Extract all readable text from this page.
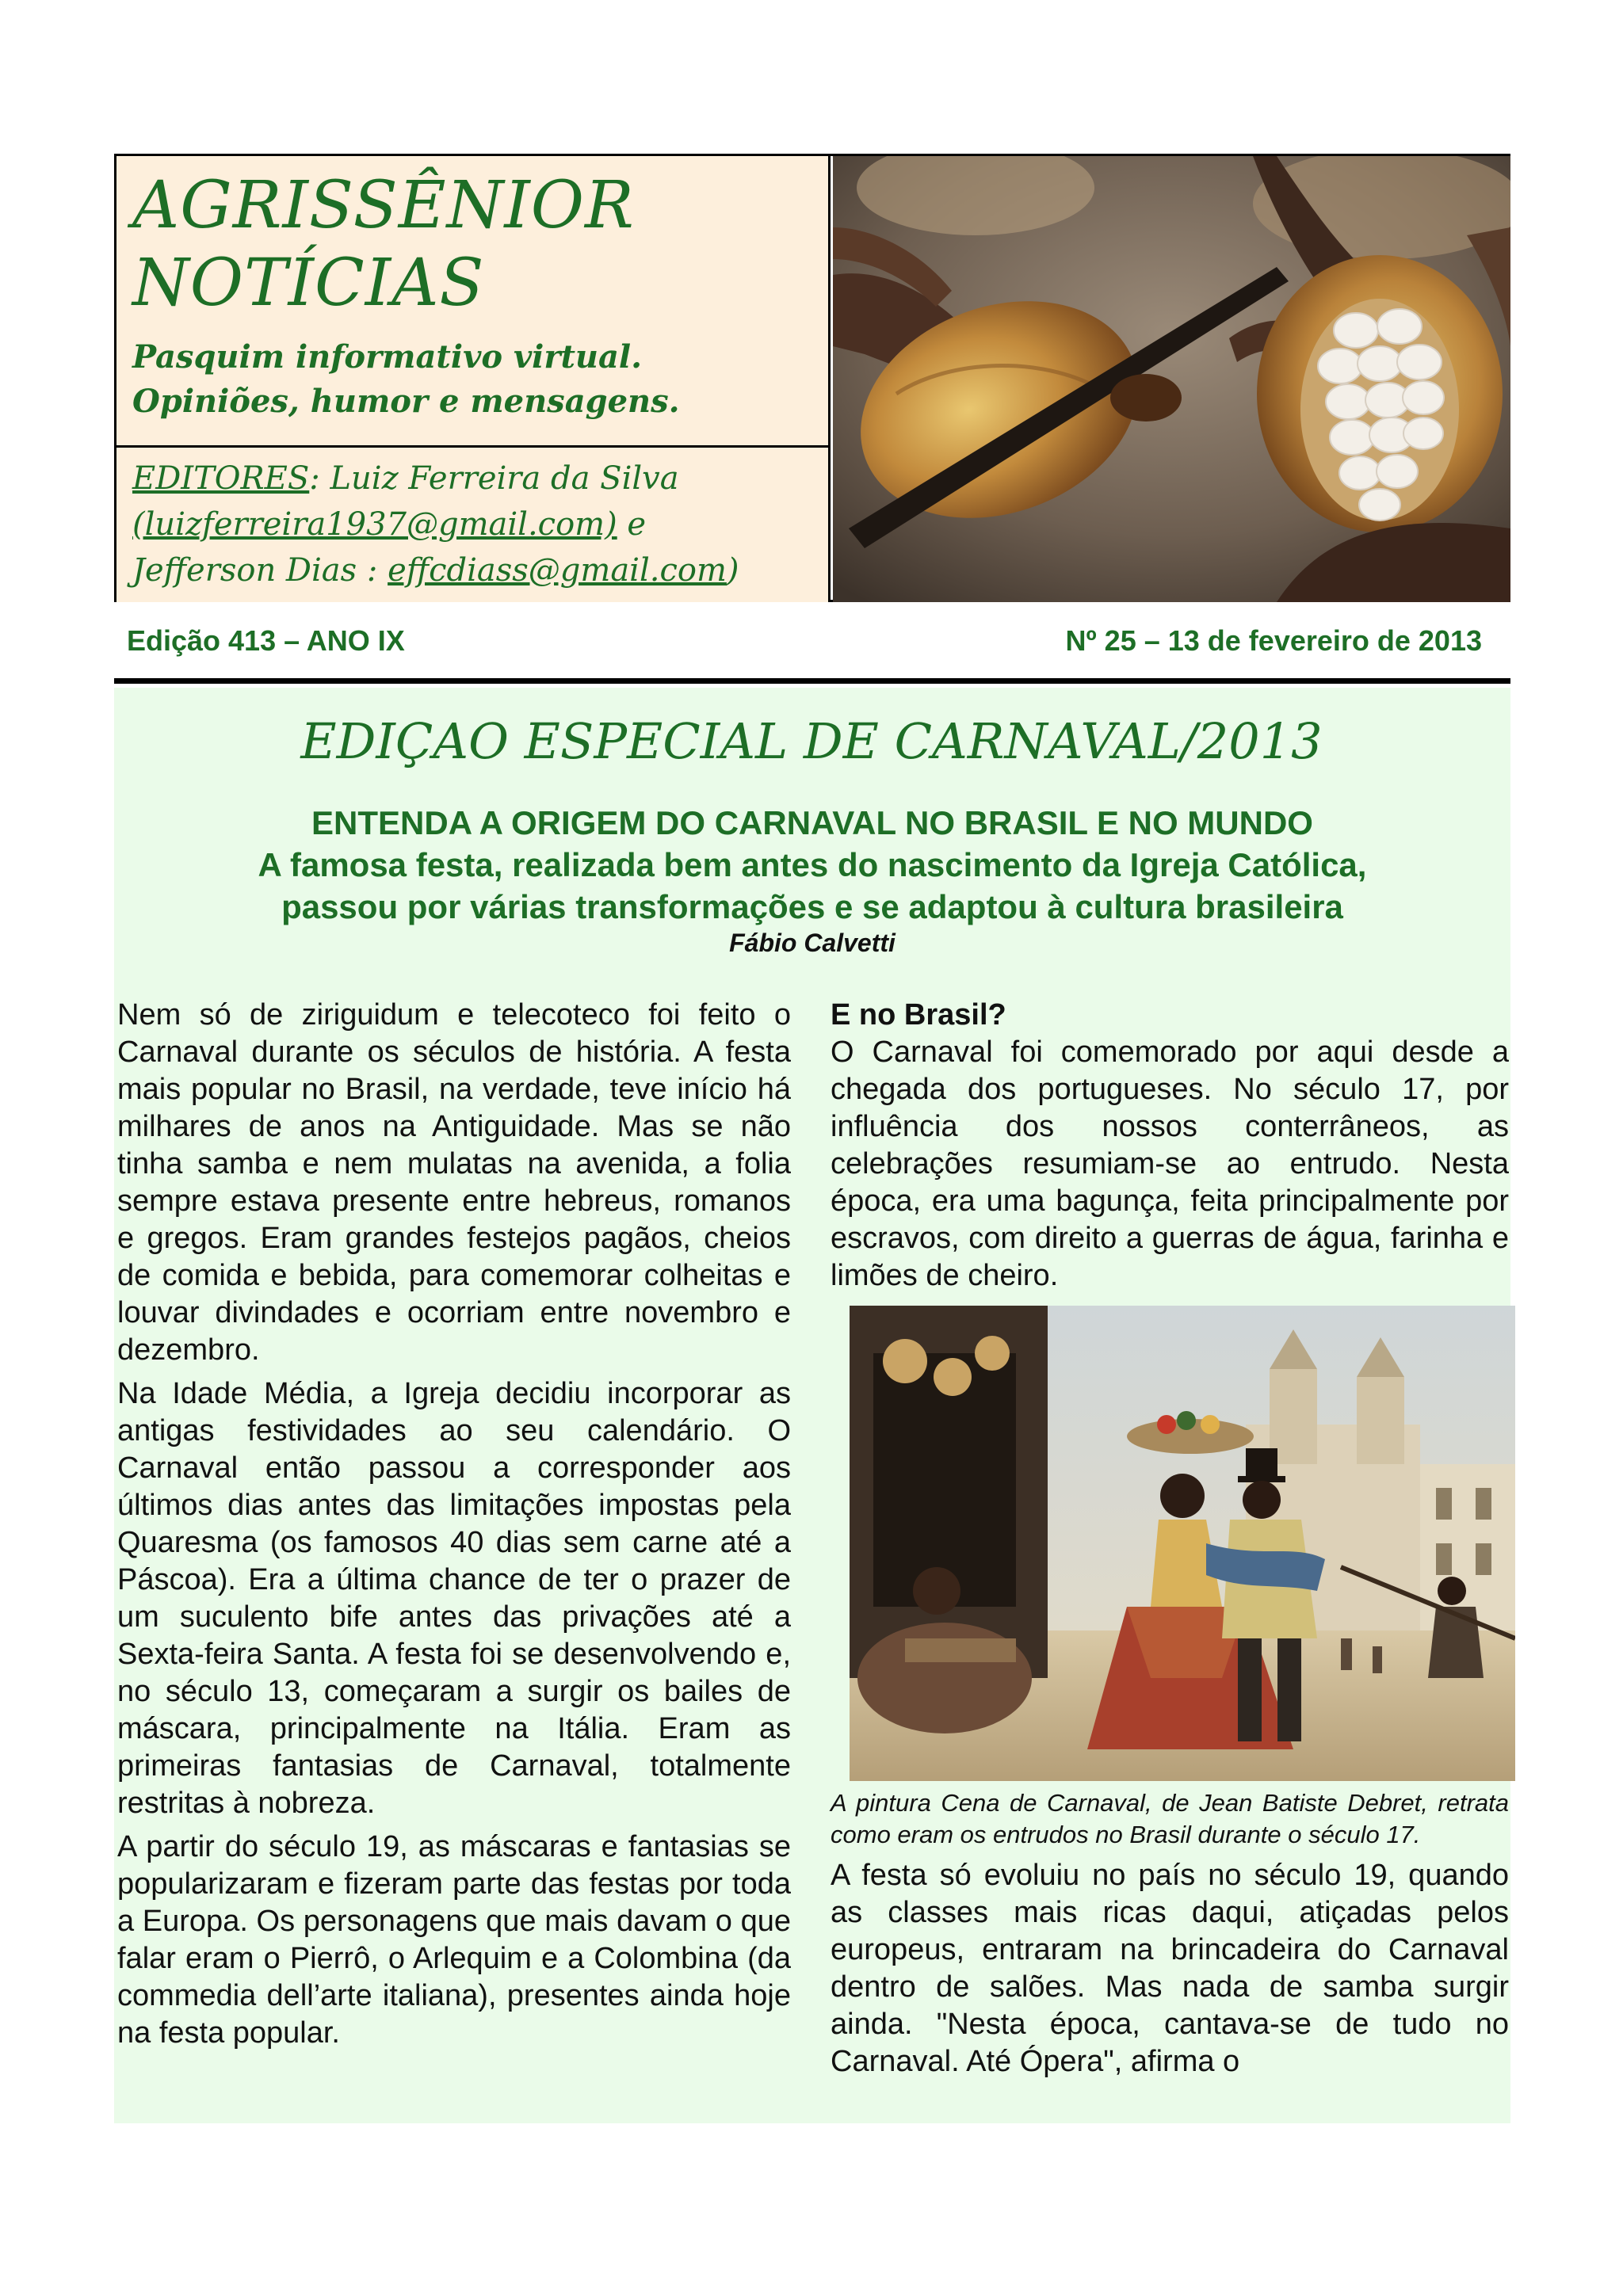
AGRISSÊNIOR
NOTÍCIAS
Pasquim informativo virtual.
Opiniões, humor e mensagens.
EDITORES: Luiz Ferreira da Silva
(luizferreira1937@gmail.com) e
Jefferson Dias : effcdiass@gmail.com)
Edição 413 – ANO IX	Nº 25 – 13 de fevereiro de 2013
EDIÇAO ESPECIAL DE CARNAVAL/2013
ENTENDA A ORIGEM DO CARNAVAL NO BRASIL E NO MUNDO
A famosa festa, realizada bem antes do nascimento da Igreja Católica,
passou por várias transformações e se adaptou à cultura brasileira
Fábio Calvetti

Nem só de ziriguidum e telecoteco foi feito o Carnaval durante os séculos de história. A festa mais popular no Brasil, na verdade, teve início há milhares de anos na Antiguidade. Mas se não tinha samba e nem mulatas na avenida, a folia sempre estava presente entre hebreus, romanos e gregos. Eram grandes festejos pagãos, cheios de comida e bebida, para comemorar colheitas e louvar divindades e ocorriam entre novembro e dezembro.

Na Idade Média, a Igreja decidiu incorporar as antigas festividades ao seu calendário. O Carnaval então passou a corresponder aos últimos dias antes das limitações impostas pela Quaresma (os famosos 40 dias sem carne até a Páscoa). Era a última chance de ter o prazer de um suculento bife antes das privações até a Sexta-feira Santa. A festa foi se desenvolvendo e, no século 13, começaram a surgir os bailes de máscara, principalmente na Itália. Eram as primeiras fantasias de Carnaval, totalmente restritas à nobreza.

A partir do século 19, as máscaras e fantasias se popularizaram e fizeram parte das festas por toda a Europa. Os personagens que mais davam o que falar eram o Pierrô, o Arlequim e a Colombina (da commedia dell’arte italiana), presentes ainda hoje na festa popular.

E no Brasil?

O Carnaval foi comemorado por aqui desde a chegada dos portugueses. No século 17, por influência dos nossos conterrâneos, as celebrações resumiam-se ao entrudo. Nesta época, era uma bagunça, feita principalmente por escravos, com direito a guerras de água, farinha e limões de cheiro.

A pintura Cena de Carnaval, de Jean Batiste Debret, retrata como eram os entrudos no Brasil durante o século 17.

A festa só evoluiu no país no século 19, quando as classes mais ricas daqui, atiçadas pelos europeus, entraram na brincadeira do Carnaval dentro de salões. Mas nada de samba surgir ainda. "Nesta época, cantava-se de tudo no Carnaval. Até Ópera", afirma o
